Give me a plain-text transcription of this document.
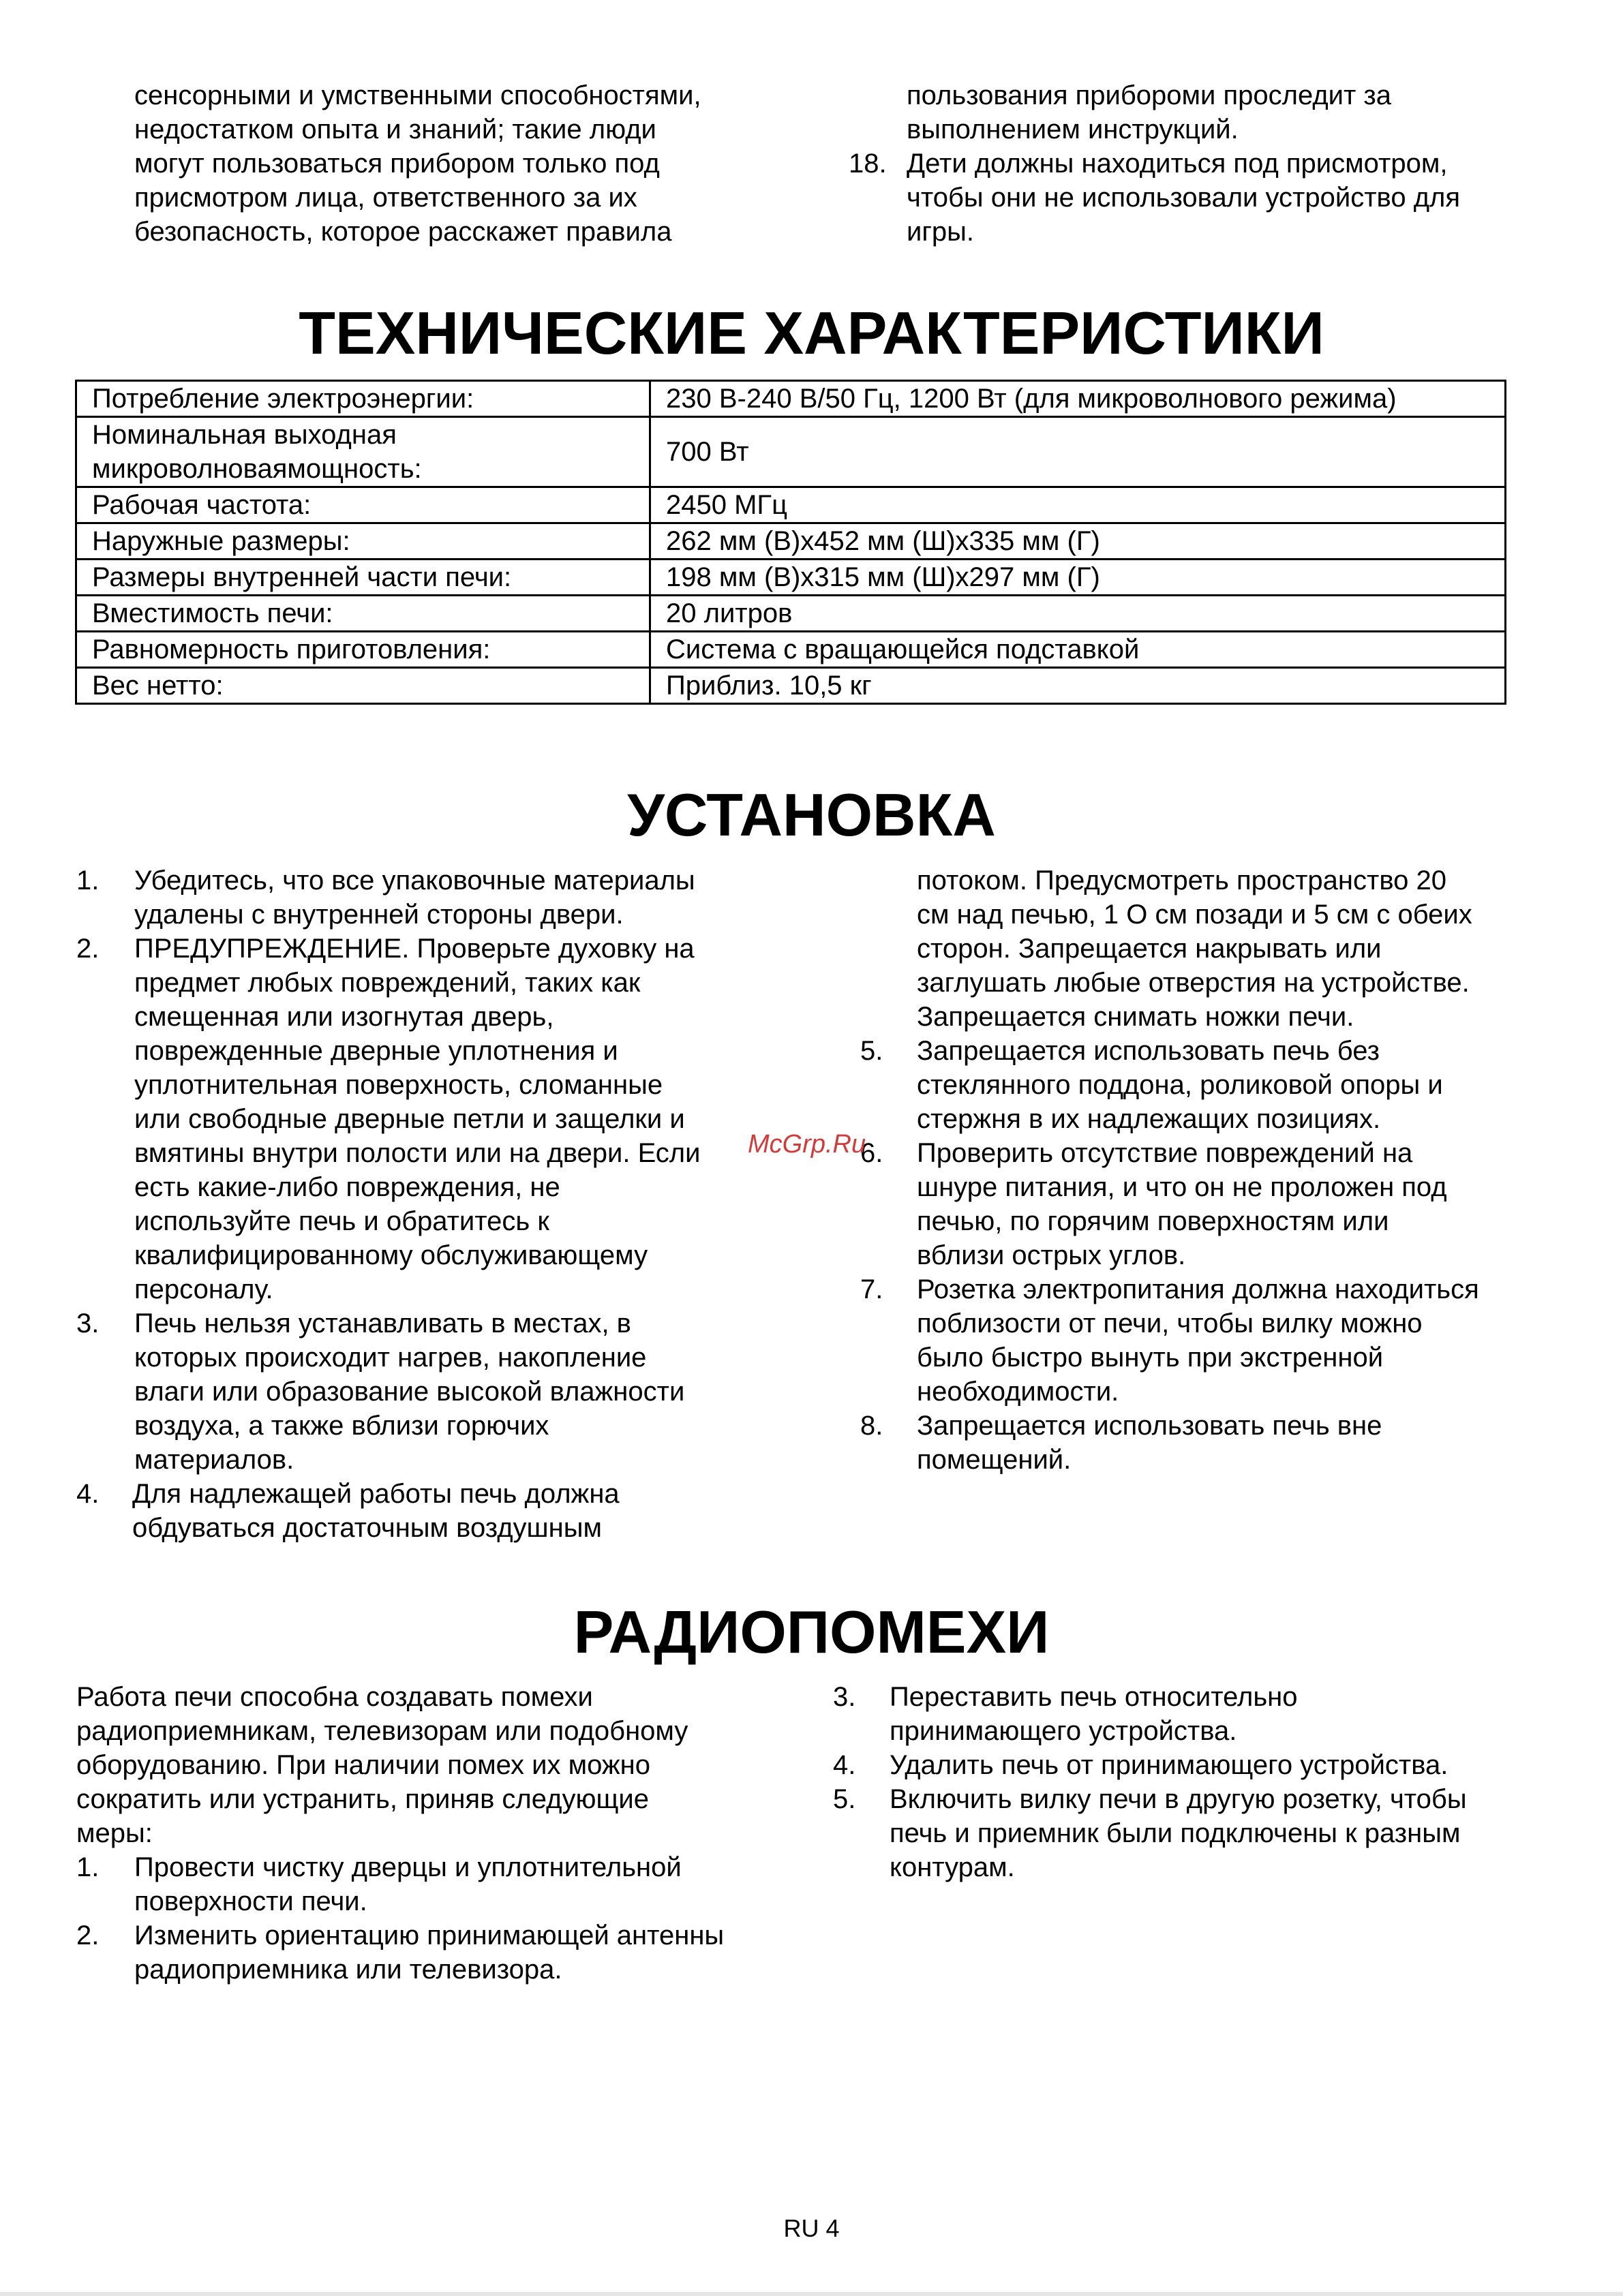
сенсорными и умственными способностями,
недостатком опыта и знаний; такие люди
могут пользоваться прибором только под
присмотром лица, ответственного за их
безопасность, которое расскажет правила
пользования прибороми проследит за
выполнением инструкций.
18. Дети должны находиться под присмотром,
чтобы они не использовали устройство для
игры.
ТЕХНИЧЕСКИЕ ХАРАКТЕРИСТИКИ
Потребление электроэнергии:	230 В-240 В/50 Гц, 1200 Вт (для микроволнового режима)
Номинальная выходная микроволноваямощность:	700 Вт
Рабочая частота:	2450 МГц
Наружные размеры:	262 мм (В)x452 мм (Ш)x335 мм (Г)
Размеры внутренней части печи:	198 мм (В)x315 мм (Ш)x297 мм (Г)
Вместимость печи:	20 литров
Равномерность приготовления:	Система с вращающейся подставкой
Вес нетто:	Приблиз. 10,5 кг
УСТАНОВКА
1. Убедитесь, что все упаковочные материалы
удалены с внутренней стороны двери.
2. ПРЕДУПРЕЖДЕНИЕ. Проверьте духовку на
предмет любых повреждений, таких как
смещенная или изогнутая дверь,
поврежденные дверные уплотнения и
уплотнительная поверхность, сломанные
или свободные дверные петли и защелки и
вмятины внутри полости или на двери. Если
есть какие-либо повреждения, не
используйте печь и обратитесь к
квалифицированному обслуживающему
персоналу.
3. Печь нельзя устанавливать в местах, в
которых происходит нагрев, накопление
влаги или образование высокой влажности
воздуха, а также вблизи горючих
материалов.
4. Для надлежащей работы печь должна
обдуваться достаточным воздушным
потоком. Предусмотреть пространство 20
см над печью, 1 О см позади и 5 см с обеих
сторон. Запрещается накрывать или
заглушать любые отверстия на устройстве.
Запрещается снимать ножки печи.
5. Запрещается использовать печь без
стеклянного поддона, роликовой опоры и
стержня в их надлежащих позициях.
6. Проверить отсутствие повреждений на
шнуре питания, и что он не проложен под
печью, по горячим поверхностям или
вблизи острых углов.
7. Розетка электропитания должна находиться
поблизости от печи, чтобы вилку можно
было быстро вынуть при экстренной
необходимости.
8. Запрещается использовать печь вне
помещений.
McGrp.Ru
РАДИОПОМЕХИ
Работа печи способна создавать помехи
радиоприемникам, телевизорам или подобному
оборудованию. При наличии помех их можно
сократить или устранить, приняв следующие
меры:
1. Провести чистку дверцы и уплотнительной
поверхности печи.
2. Изменить ориентацию принимающей антенны
радиоприемника или телевизора.
3. Переставить печь относительно
принимающего устройства.
4. Удалить печь от принимающего устройства.
5. Включить вилку печи в другую розетку, чтобы
печь и приемник были подключены к разным
контурам.
RU 4
